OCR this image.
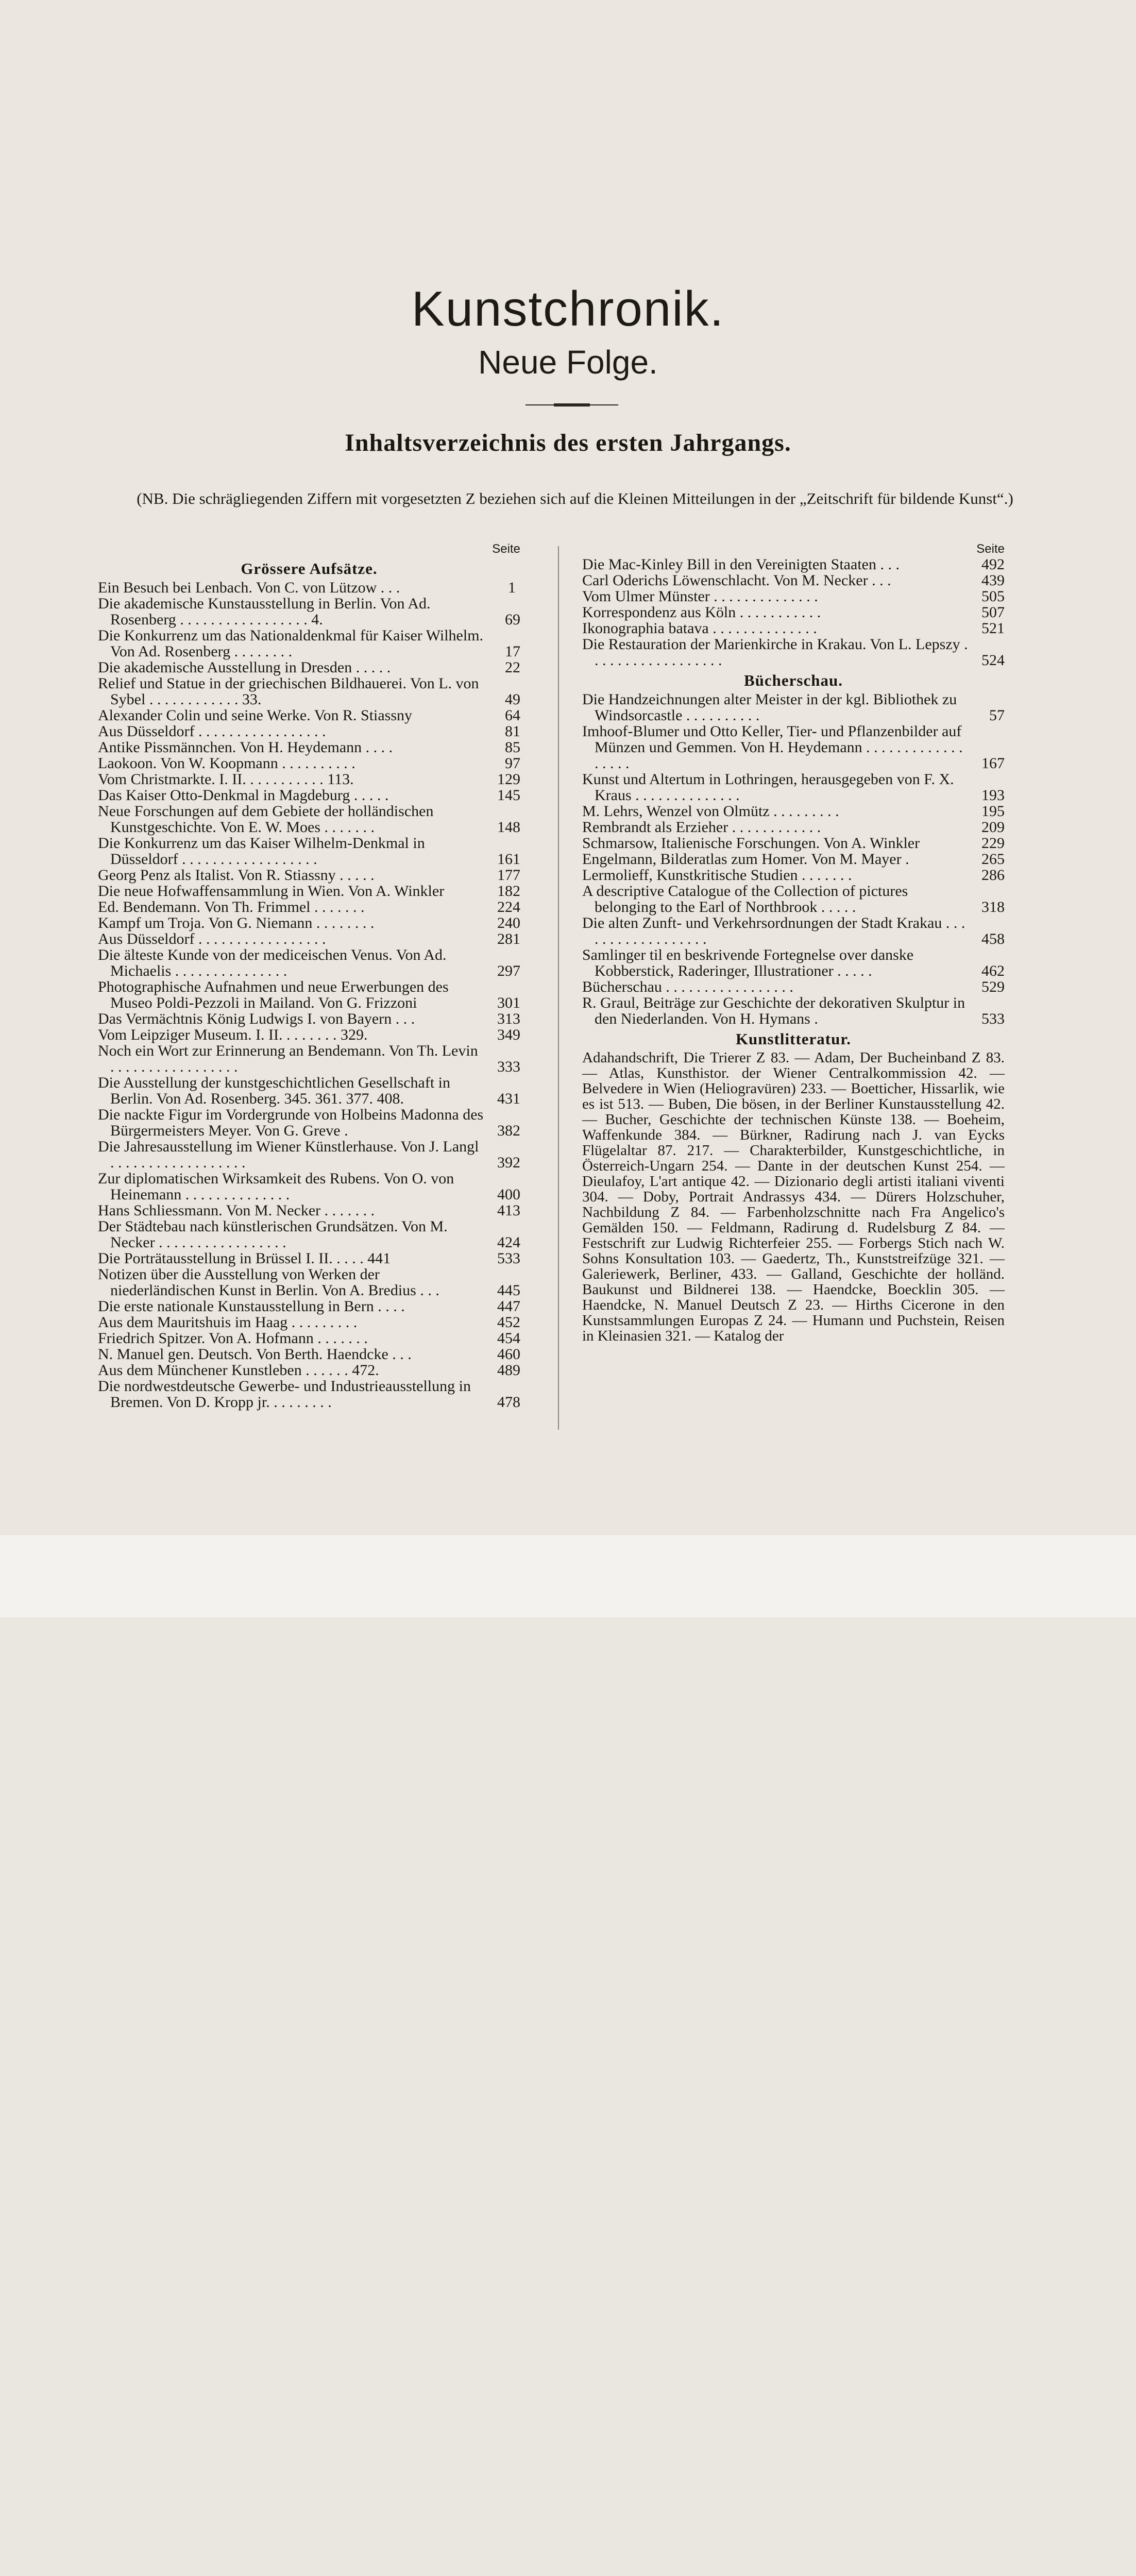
Kunstchronik.
Neue Folge.
Inhaltsverzeichnis des ersten Jahrgangs.
(NB. Die schrägliegenden Ziffern mit vorgesetzten Z beziehen sich auf die Kleinen Mitteilungen in der „Zeitschrift für bildende Kunst“.)
Seite
Grössere Aufsätze.
Ein Besuch bei Lenbach. Von C. von Lützow . . .	1
Die akademische Kunstausstellung in Berlin. Von Ad. Rosenberg . . . . . . . . . . . . . . . . . 4.	69
Die Konkurrenz um das Nationaldenkmal für Kaiser Wilhelm. Von Ad. Rosenberg . . . . . . . .	17
Die akademische Ausstellung in Dresden . . . . .	22
Relief und Statue in der griechischen Bildhauerei. Von L. von Sybel . . . . . . . . . . . . 33.	49
Alexander Colin und seine Werke. Von R. Stiassny	64
Aus Düsseldorf . . . . . . . . . . . . . . . . .	81
Antike Pissmännchen. Von H. Heydemann . . . .	85
Laokoon. Von W. Koopmann . . . . . . . . . .	97
Vom Christmarkte. I. II. . . . . . . . . . . 113.	129
Das Kaiser Otto-Denkmal in Magdeburg . . . . .	145
Neue Forschungen auf dem Gebiete der holländischen Kunstgeschichte. Von E. W. Moes . . . . . . .	148
Die Konkurrenz um das Kaiser Wilhelm-Denkmal in Düsseldorf . . . . . . . . . . . . . . . . . .	161
Georg Penz als Italist. Von R. Stiassny . . . . .	177
Die neue Hofwaffensammlung in Wien. Von A. Winkler	182
Ed. Bendemann. Von Th. Frimmel . . . . . . .	224
Kampf um Troja. Von G. Niemann . . . . . . . .	240
Aus Düsseldorf . . . . . . . . . . . . . . . . .	281
Die älteste Kunde von der mediceischen Venus. Von Ad. Michaelis . . . . . . . . . . . . . . .	297
Photographische Aufnahmen und neue Erwerbungen des Museo Poldi-Pezzoli in Mailand. Von G. Frizzoni	301
Das Vermächtnis König Ludwigs I. von Bayern . . .	313
Vom Leipziger Museum. I. II. . . . . . . . 329.	349
Noch ein Wort zur Erinnerung an Bendemann. Von Th. Levin . . . . . . . . . . . . . . . . .	333
Die Ausstellung der kunstgeschichtlichen Gesellschaft in Berlin. Von Ad. Rosenberg. 345. 361. 377. 408.	431
Die nackte Figur im Vordergrunde von Holbeins Madonna des Bürgermeisters Meyer. Von G. Greve .	382
Die Jahresausstellung im Wiener Künstlerhause. Von J. Langl . . . . . . . . . . . . . . . . . .	392
Zur diplomatischen Wirksamkeit des Rubens. Von O. von Heinemann . . . . . . . . . . . . . .	400
Hans Schliessmann. Von M. Necker . . . . . . .	413
Der Städtebau nach künstlerischen Grundsätzen. Von M. Necker . . . . . . . . . . . . . . . . .	424
Die Porträtausstellung in Brüssel I. II. . . . . 441	533
Notizen über die Ausstellung von Werken der niederländischen Kunst in Berlin. Von A. Bredius . . .	445
Die erste nationale Kunstausstellung in Bern . . . .	447
Aus dem Mauritshuis im Haag . . . . . . . . .	452
Friedrich Spitzer. Von A. Hofmann . . . . . . .	454
N. Manuel gen. Deutsch. Von Berth. Haendcke . . .	460
Aus dem Münchener Kunstleben . . . . . . 472.	489
Die nordwestdeutsche Gewerbe- und Industrieausstellung in Bremen. Von D. Kropp jr. . . . . . . . .	478
Seite
Die Mac-Kinley Bill in den Vereinigten Staaten . . .	492
Carl Oderichs Löwenschlacht. Von M. Necker . . .	439
Vom Ulmer Münster . . . . . . . . . . . . . .	505
Korrespondenz aus Köln . . . . . . . . . . .	507
Ikonographia batava . . . . . . . . . . . . . .	521
Die Restauration der Marienkirche in Krakau. Von L. Lepszy . . . . . . . . . . . . . . . . . .	524
Bücherschau.
Die Handzeichnungen alter Meister in der kgl. Bibliothek zu Windsorcastle . . . . . . . . . .	57
Imhoof-Blumer und Otto Keller, Tier- und Pflanzenbilder auf Münzen und Gemmen. Von H. Heydemann . . . . . . . . . . . . . . . . . .	167
Kunst und Altertum in Lothringen, herausgegeben von F. X. Kraus . . . . . . . . . . . . . .	193
M. Lehrs, Wenzel von Olmütz . . . . . . . . .	195
Rembrandt als Erzieher . . . . . . . . . . . .	209
Schmarsow, Italienische Forschungen. Von A. Winkler	229
Engelmann, Bilderatlas zum Homer. Von M. Mayer .	265
Lermolieff, Kunstkritische Studien . . . . . . .	286
A descriptive Catalogue of the Collection of pictures belonging to the Earl of Northbrook . . . . .	318
Die alten Zunft- und Verkehrsordnungen der Stadt Krakau . . . . . . . . . . . . . . . . . .	458
Samlinger til en beskrivende Fortegnelse over danske Kobberstick, Raderinger, Illustrationer . . . . .	462
Bücherschau . . . . . . . . . . . . . . . . .	529
R. Graul, Beiträge zur Geschichte der dekorativen Skulptur in den Niederlanden. Von H. Hymans .	533
Kunstlitteratur.
Adahandschrift, Die Trierer Z 83. — Adam, Der Bucheinband Z 83. — Atlas, Kunsthistor. der Wiener Centralkommission 42. — Belvedere in Wien (Heliogravüren) 233. — Boetticher, Hissarlik, wie es ist 513. — Buben, Die bösen, in der Berliner Kunstausstellung 42. — Bucher, Geschichte der technischen Künste 138. — Boeheim, Waffenkunde 384. — Bürkner, Radirung nach J. van Eycks Flügelaltar 87. 217. — Charakterbilder, Kunstgeschichtliche, in Österreich-Ungarn 254. — Dante in der deutschen Kunst 254. — Dieulafoy, L'art antique 42. — Dizionario degli artisti italiani viventi 304. — Doby, Portrait Andrassys 434. — Dürers Holzschuher, Nachbildung Z 84. — Farbenholzschnitte nach Fra Angelico's Gemälden 150. — Feldmann, Radirung d. Rudelsburg Z 84. — Festschrift zur Ludwig Richterfeier 255. — Forbergs Stich nach W. Sohns Konsultation 103. — Gaedertz, Th., Kunststreifzüge 321. — Galeriewerk, Berliner, 433. — Galland, Geschichte der holländ. Baukunst und Bildnerei 138. — Haendcke, Boecklin 305. — Haendcke, N. Manuel Deutsch Z 23. — Hirths Cicerone in den Kunstsammlungen Europas Z 24. — Humann und Puchstein, Reisen in Kleinasien 321. — Katalog der
